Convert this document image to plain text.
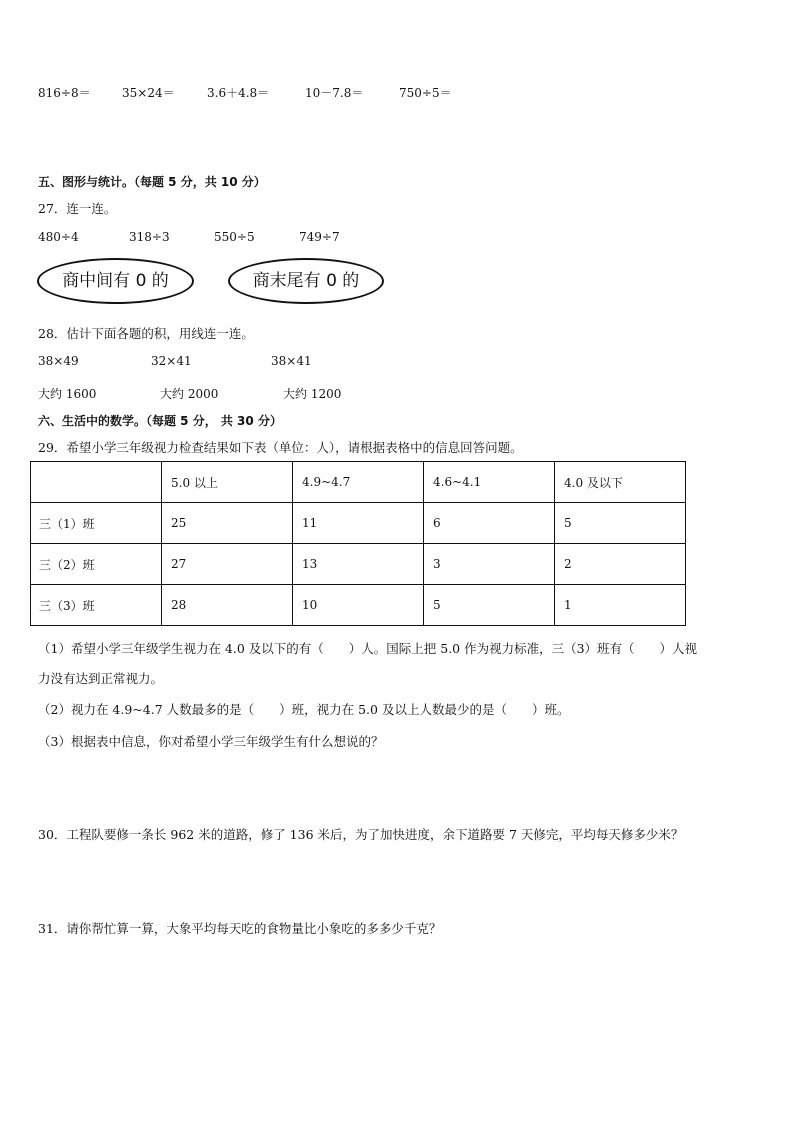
816÷8＝	35×24＝	3.6＋4.8＝	10－7.8＝	750÷5＝
五、图形与统计。（每题 5 分，共 10 分）
27．连一连。
480÷4	318÷3	550÷5	749÷7
商中间有 0 的	商末尾有 0 的
28．估计下面各题的积，用线连一连。
38×49	32×41	38×41
大约 1600	大约 2000	大约 1200
六、生活中的数学。（每题 5 分， 共 30 分）
29．希望小学三年级视力检查结果如下表（单位：人），请根据表格中的信息回答问题。
	5.0 以上	4.9~4.7	4.6~4.1	4.0 及以下
三（1）班	25	11	6	5
三（2）班	27	13	3	2
三（3）班	28	10	5	1
（1）希望小学三年级学生视力在 4.0 及以下的有（　　）人。国际上把 5.0 作为视力标准，三（3）班有（　　）人视
力没有达到正常视力。
（2）视力在 4.9~4.7 人数最多的是（　　）班，视力在 5.0 及以上人数最少的是（　　）班。
（3）根据表中信息，你对希望小学三年级学生有什么想说的？
30．工程队要修一条长 962 米的道路，修了 136 米后，为了加快进度，余下道路要 7 天修完，平均每天修多少米？
31．请你帮忙算一算，大象平均每天吃的食物量比小象吃的多多少千克？
